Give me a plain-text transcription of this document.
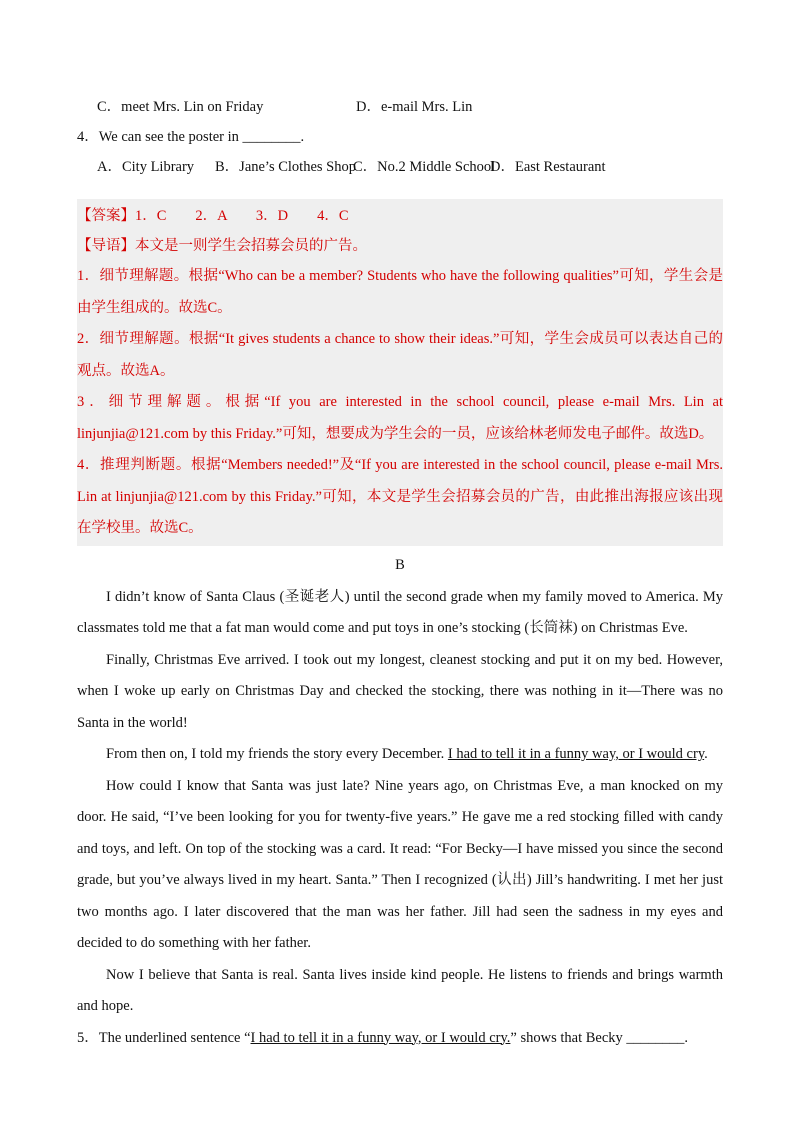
C．meet Mrs. Lin on Friday	D．e-mail Mrs. Lin
4．We can see the poster in ________.
A．City Library B．Jane’s Clothes Shop
C．No.2 Middle School
D．East Restaurant
【答案】1．C　　2．A　　3．D　　4．C
【导语】本文是一则学生会招募会员的广告。
1．细节理解题。根据“Who can be a member? Students who have the following qualities”可知，学生会是由学生组成的。故选C。
2．细节理解题。根据“It gives students a chance to show their ideas.”可知，学生会成员可以表达自己的观点。故选A。
3．细节理解题。根据“If you are interested in the school council, please e-mail Mrs. Lin at linjunjia@121.com by this Friday.”可知，想要成为学生会的一员，应该给林老师发电子邮件。故选D。
4．推理判断题。根据“Members needed!”及“If you are interested in the school council, please e-mail Mrs. Lin at linjunjia@121.com by this Friday.”可知，本文是学生会招募会员的广告，由此推出海报应该出现在学校里。故选C。
B
I didn’t know of Santa Claus (圣诞老人) until the second grade when my family moved to America. My classmates told me that a fat man would come and put toys in one’s stocking (长筒袜) on Christmas Eve.
Finally, Christmas Eve arrived. I took out my longest, cleanest stocking and put it on my bed. However, when I woke up early on Christmas Day and checked the stocking, there was nothing in it—There was no Santa in the world!
From then on, I told my friends the story every December. I had to tell it in a funny way, or I would cry.
How could I know that Santa was just late? Nine years ago, on Christmas Eve, a man knocked on my door. He said, “I’ve been looking for you for twenty-five years.” He gave me a red stocking filled with candy and toys, and left. On top of the stocking was a card. It read: “For Becky—I have missed you since the second grade, but you’ve always lived in my heart. Santa.” Then I recognized (认出) Jill’s handwriting. I met her just two months ago. I later discovered that the man was her father. Jill had seen the sadness in my eyes and decided to do something with her father.
Now I believe that Santa is real. Santa lives inside kind people. He listens to friends and brings warmth and hope.
5．The underlined sentence “I had to tell it in a funny way, or I would cry.” shows that Becky ________.
